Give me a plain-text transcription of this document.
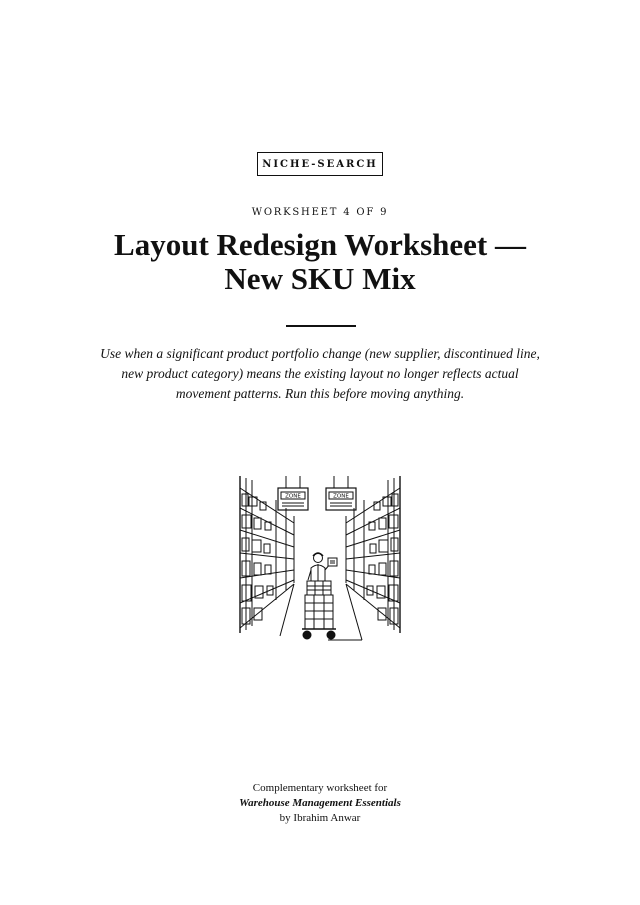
NICHE-SEARCH
WORKSHEET 4 OF 9
Layout Redesign Worksheet —
New SKU Mix
Use when a significant product portfolio change (new supplier, discontinued line, new product category) means the existing layout no longer reflects actual movement patterns. Run this before moving anything.
ZONE	ZONE
Complementary worksheet for
Warehouse Management Essentials
by Ibrahim Anwar
